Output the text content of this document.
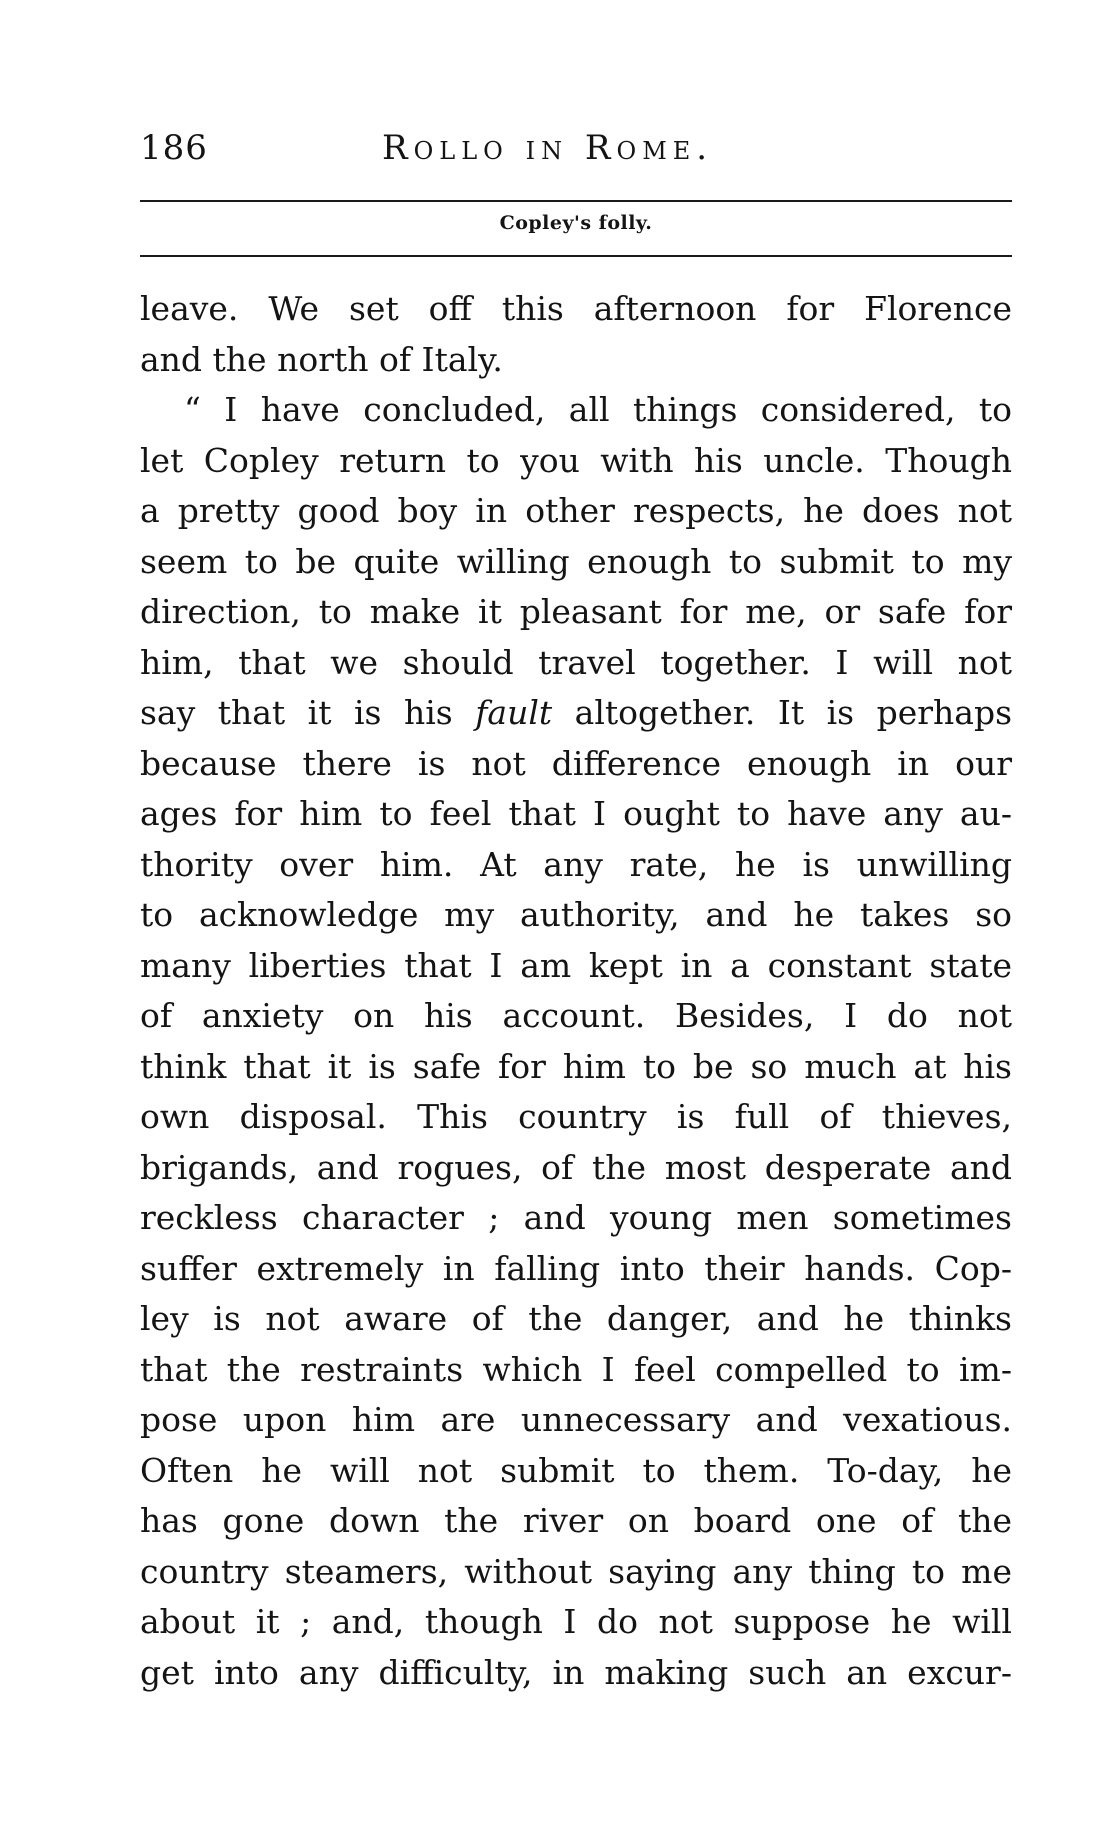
186	Rollo in Rome.
Copley's folly.
leave. We set off this afternoon for Florence
and the north of Italy.
“ I have concluded, all things considered, to
let Copley return to you with his uncle. Though
a pretty good boy in other respects, he does not
seem to be quite willing enough to submit to my
direction, to make it pleasant for me, or safe for
him, that we should travel together. I will not
say that it is his fault altogether. It is perhaps
because there is not difference enough in our
ages for him to feel that I ought to have any au-
thority over him. At any rate, he is unwilling
to acknowledge my authority, and he takes so
many liberties that I am kept in a constant state
of anxiety on his account. Besides, I do not
think that it is safe for him to be so much at his
own disposal. This country is full of thieves,
brigands, and rogues, of the most desperate and
reckless character ; and young men sometimes
suffer extremely in falling into their hands. Cop-
ley is not aware of the danger, and he thinks
that the restraints which I feel compelled to im-
pose upon him are unnecessary and vexatious.
Often he will not submit to them. To-day, he
has gone down the river on board one of the
country steamers, without saying any thing to me
about it ; and, though I do not suppose he will
get into any difficulty, in making such an excur-
